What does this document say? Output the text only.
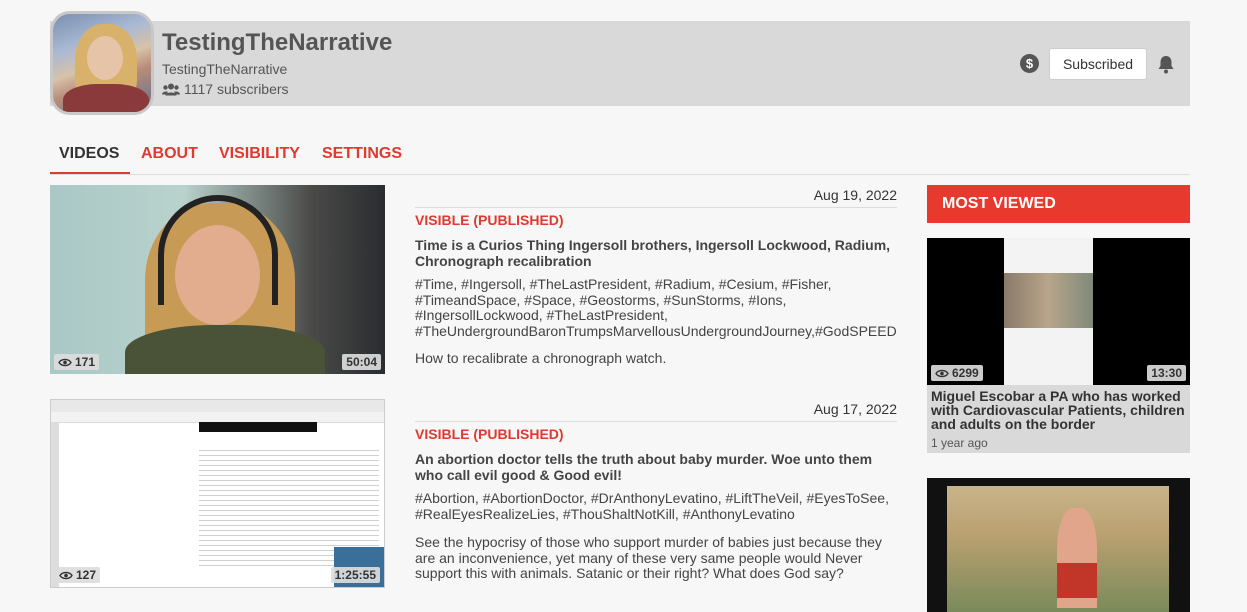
TestingTheNarrative
TestingTheNarrative
1117 subscribers
$	Subscribed
VIDEOS	ABOUT VISIBILITY SETTINGS
171	50:04
Aug 19, 2022
VISIBLE (PUBLISHED)
Time is a Curios Thing Ingersoll brothers, Ingersoll Lockwood, Radium, Chronograph recalibration
#Time, #Ingersoll, #TheLastPresident, #Radium, #Cesium, #Fisher, #TimeandSpace, #Space, #Geostorms, #SunStorms, #Ions, #IngersollLockwood, #TheLastPresident, #TheUndergroundBaronTrumpsMarvellousUndergroundJourney,#GodSPEED
How to recalibrate a chronograph watch.
127	1:25:55
Aug 17, 2022
VISIBLE (PUBLISHED)
An abortion doctor tells the truth about baby murder. Woe unto them who call evil good & Good evil!
#Abortion, #AbortionDoctor, #DrAnthonyLevatino, #LiftTheVeil, #EyesToSee, #RealEyesRealizeLies, #ThouShaltNotKill, #AnthonyLevatino
See the hypocrisy of those who support murder of babies just because they are an inconvenience, yet many of these very same people would Never support this with animals. Satanic or their right? What does God say?
MOST VIEWED
6299	13:30
Miguel Escobar a PA who has worked with Cardiovascular Patients, children and adults on the border
1 year ago
